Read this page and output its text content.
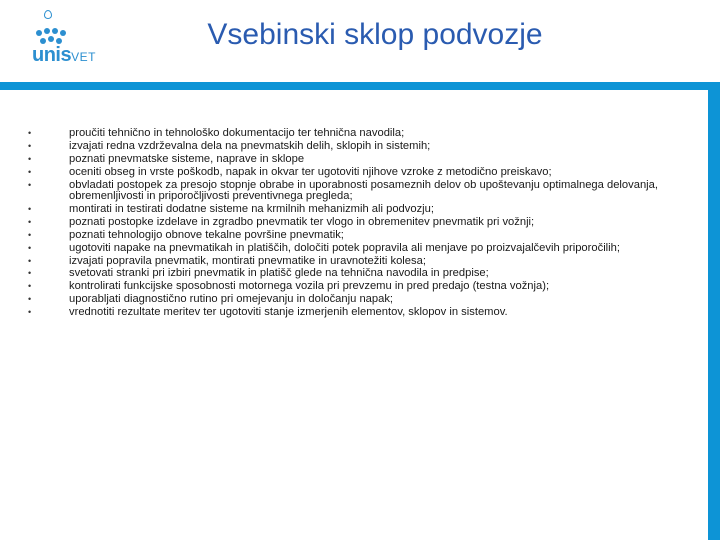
unisVET
Vsebinski sklop podvozje
• proučiti tehnično in tehnološko dokumentacijo ter tehnična navodila;
• izvajati redna vzdrževalna dela na pnevmatskih delih, sklopih in sistemih;
• poznati pnevmatske sisteme, naprave in sklope
• oceniti obseg in vrste poškodb, napak in okvar ter ugotoviti njihove vzroke z metodično preiskavo;
• obvladati postopek za presojo stopnje obrabe in uporabnosti posameznih delov ob upoštevanju optimalnega delovanja, obremenljivosti in priporočljivosti preventivnega pregleda;
• montirati in testirati dodatne sisteme na krmilnih mehanizmih ali podvozju;
• poznati postopke izdelave in zgradbo pnevmatik ter vlogo in obremenitev pnevmatik pri vožnji;
• poznati tehnologijo obnove tekalne površine pnevmatik;
• ugotoviti napake na pnevmatikah in platiščih, določiti potek popravila ali menjave po proizvajalčevih priporočilih;
• izvajati popravila pnevmatik, montirati pnevmatike in uravnotežiti kolesa;
• svetovati stranki pri izbiri pnevmatik in platišč glede na tehnična navodila in predpise;
• kontrolirati funkcijske sposobnosti motornega vozila pri prevzemu in pred predajo (testna vožnja);
• uporabljati diagnostično rutino pri omejevanju in določanju napak;
• vrednotiti rezultate meritev ter ugotoviti stanje izmerjenih elementov, sklopov in sistemov.
